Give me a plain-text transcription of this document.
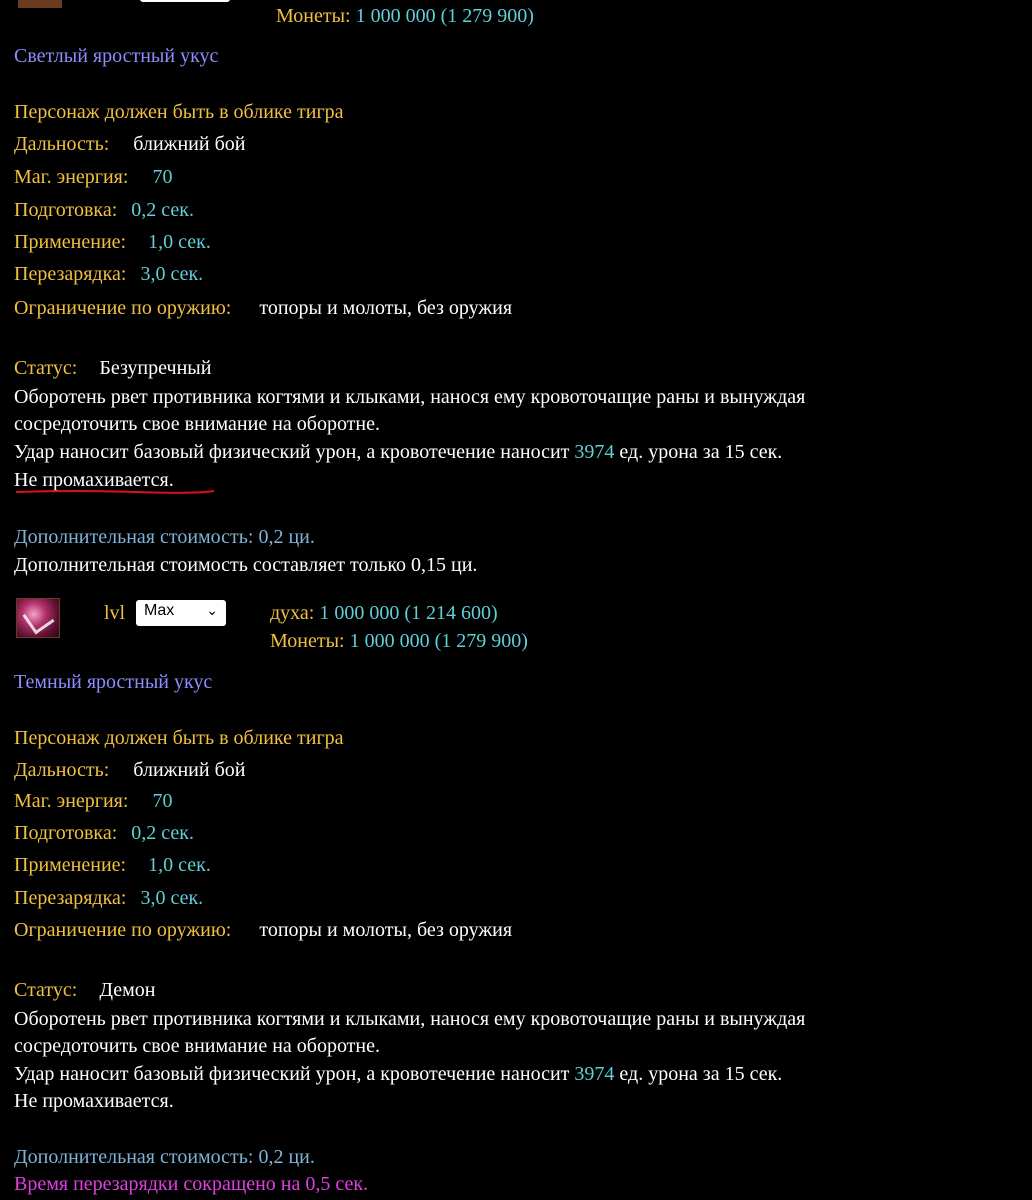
Монеты: 1 000 000 (1 279 900)
Светлый яростный укус
Персонаж должен быть в облике тигра
Дальность: ближний бой
Маг. энергия: 70
Подготовка: 0,2 сек.
Применение: 1,0 сек.
Перезарядка: 3,0 сек.
Ограничение по оружию: топоры и молоты, без оружия
Статус: Безупречный
Оборотень рвет противника когтями и клыками, нанося ему кровоточащие раны и вынуждая
сосредоточить свое внимание на оборотне.
Удар наносит базовый физический урон, а кровотечение наносит 3974 ед. урона за 15 сек.
Не промахивается.
Дополнительная стоимость: 0,2 ци.
Дополнительная стоимость составляет только 0,15 ци.
lvl	Max ⌄	духа: 1 000 000 (1 214 600)
Монеты: 1 000 000 (1 279 900)
Темный яростный укус
Персонаж должен быть в облике тигра
Дальность: ближний бой
Маг. энергия: 70
Подготовка: 0,2 сек.
Применение: 1,0 сек.
Перезарядка: 3,0 сек.
Ограничение по оружию: топоры и молоты, без оружия
Статус: Демон
Оборотень рвет противника когтями и клыками, нанося ему кровоточащие раны и вынуждая
сосредоточить свое внимание на оборотне.
Удар наносит базовый физический урон, а кровотечение наносит 3974 ед. урона за 15 сек.
Не промахивается.
Дополнительная стоимость: 0,2 ци.
Время перезарядки сокращено на 0,5 сек.
